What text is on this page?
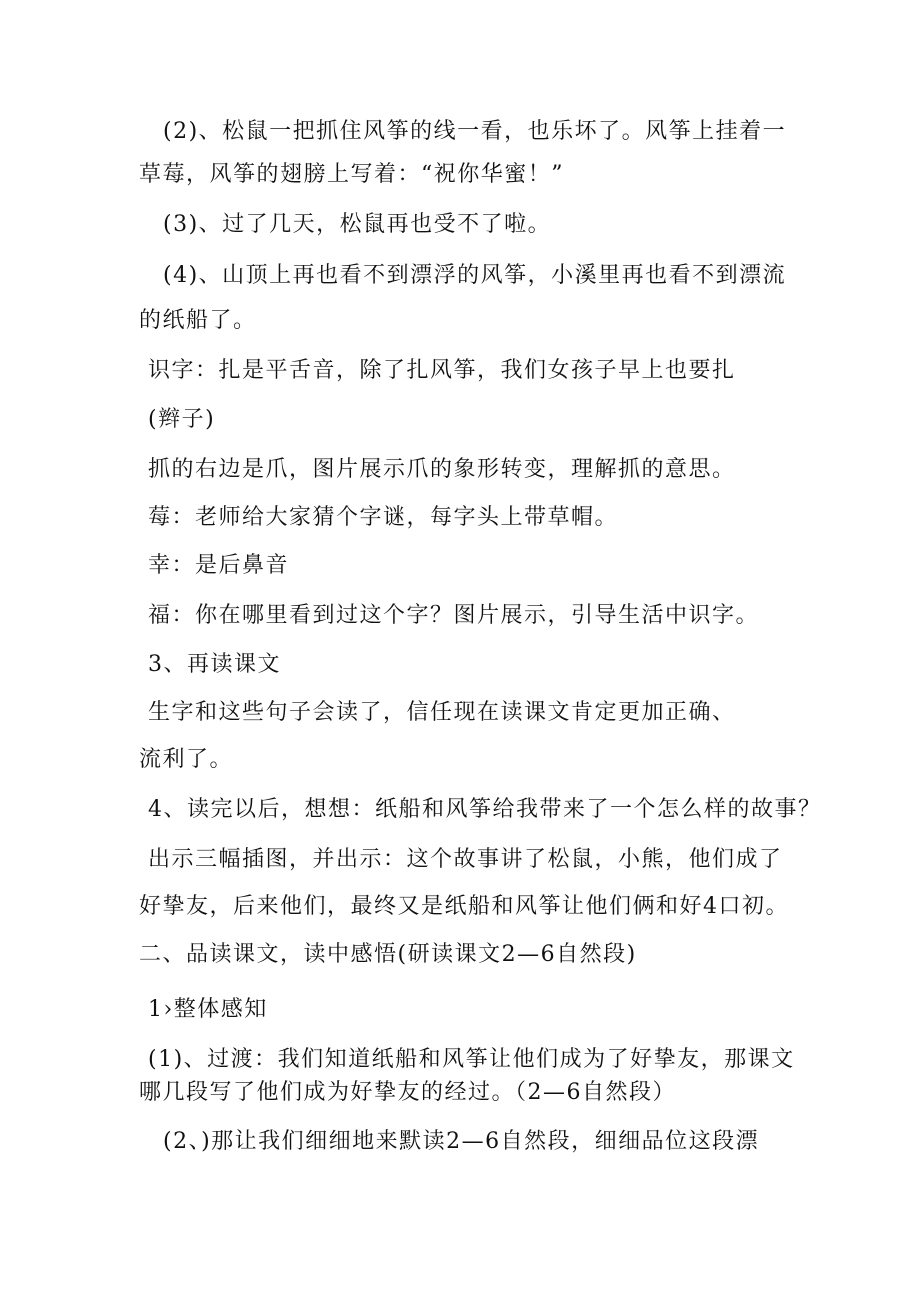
(2)、松鼠一把抓住风筝的线一看，也乐坏了。风筝上挂着一
草莓，风筝的翅膀上写着：“祝你华蜜！”
(3)、过了几天，松鼠再也受不了啦。
(4)、山顶上再也看不到漂浮的风筝，小溪里再也看不到漂流
的纸船了。
识字：扎是平舌音，除了扎风筝，我们女孩子早上也要扎
(辫子)
抓的右边是爪，图片展示爪的象形转变，理解抓的意思。
莓：老师给大家猜个字谜，每字头上带草帽。
幸：是后鼻音
福：你在哪里看到过这个字？图片展示，引导生活中识字。
3、再读课文
生字和这些句子会读了，信任现在读课文肯定更加正确、
流利了。
4、读完以后，想想：纸船和风筝给我带来了一个怎么样的故事？
出示三幅插图，并出示：这个故事讲了松鼠，小熊，他们成了
好挚友，后来他们，最终又是纸船和风筝让他们俩和好4口初。
二、品读课文，读中感悟(研读课文2—6自然段)
1›整体感知
(1)、过渡：我们知道纸船和风筝让他们成为了好挚友，那课文
哪几段写了他们成为好挚友的经过。（2—6自然段）
(2、)那让我们细细地来默读2—6自然段，细细品位这段漂
